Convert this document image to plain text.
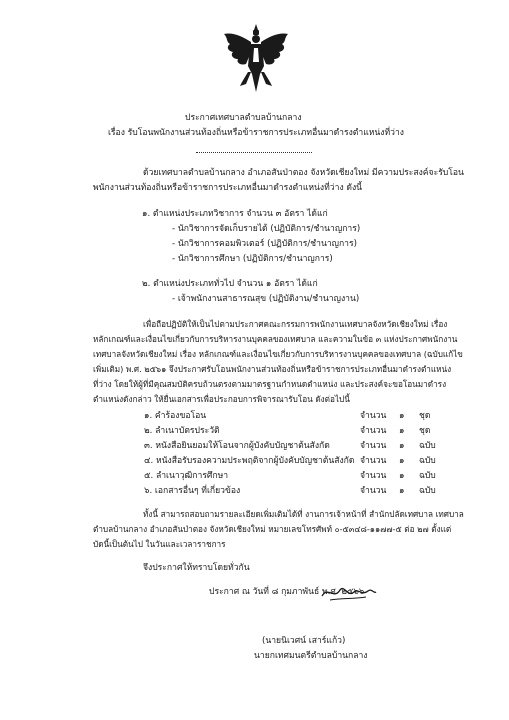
ประกาศเทศบาลตำบลบ้านกลาง
เรื่อง รับโอนพนักงานส่วนท้องถิ่นหรือข้าราชการประเภทอื่นมาดำรงตำแหน่งที่ว่าง
ด้วยเทศบาลตำบลบ้านกลาง อำเภอสันป่าตอง จังหวัดเชียงใหม่ มีความประสงค์จะรับโอน
พนักงานส่วนท้องถิ่นหรือข้าราชการประเภทอื่นมาดำรงตำแหน่งที่ว่าง ดังนี้
๑. ตำแหน่งประเภทวิชาการ จำนวน ๓ อัตรา ได้แก่
- นักวิชาการจัดเก็บรายได้ (ปฏิบัติการ/ชำนาญการ)
- นักวิชาการคอมพิวเตอร์ (ปฏิบัติการ/ชำนาญการ)
- นักวิชาการศึกษา (ปฏิบัติการ/ชำนาญการ)
๒. ตำแหน่งประเภททั่วไป จำนวน ๑ อัตรา ได้แก่
- เจ้าพนักงานสาธารณสุข (ปฏิบัติงาน/ชำนาญงาน)
เพื่อถือปฏิบัติให้เป็นไปตามประกาศคณะกรรมการพนักงานเทศบาลจังหวัดเชียงใหม่ เรื่อง
หลักเกณฑ์และเงื่อนไขเกี่ยวกับการบริหารงานบุคคลของเทศบาล และความในข้อ ๓ แห่งประกาศพนักงาน
เทศบาลจังหวัดเชียงใหม่ เรื่อง หลักเกณฑ์และเงื่อนไขเกี่ยวกับการบริหารงานบุคคลของเทศบาล (ฉบับแก้ไข
เพิ่มเติม) พ.ศ. ๒๕๖๑ จึงประกาศรับโอนพนักงานส่วนท้องถิ่นหรือข้าราชการประเภทอื่นมาดำรงตำแหน่ง
ที่ว่าง โดยให้ผู้ที่มีคุณสมบัติครบถ้วนตรงตามมาตรฐานกำหนดตำแหน่ง และประสงค์จะขอโอนมาดำรง
ตำแหน่งดังกล่าว ให้ยื่นเอกสารเพื่อประกอบการพิจารณารับโอน ดังต่อไปนี้
๑. คำร้องขอโอน	จำนวน ๑ ชุด
๒. ลำเนาบัตรประวัติ	จำนวน ๑ ชุด
๓. หนังสือยินยอมให้โอนจากผู้บังคับบัญชาต้นสังกัด	จำนวน ๑ ฉบับ
๔. หนังสือรับรองความประพฤติจากผู้บังคับบัญชาต้นสังกัด จำนวน ๑ ฉบับ
๕. ลำเนาวุฒิการศึกษา	จำนวน ๑ ฉบับ
๖. เอกสารอื่นๆ ที่เกี่ยวข้อง	จำนวน ๑ ฉบับ
ทั้งนี้ สามารถสอบถามรายละเอียดเพิ่มเติมได้ที่ งานการเจ้าหน้าที่ สำนักปลัดเทศบาล เทศบาล
ตำบลบ้านกลาง อำเภอสันป่าตอง จังหวัดเชียงใหม่ หมายเลขโทรศัพท์ ๐-๕๓๔๘-๑๑๗๗-๕ ต่อ ๒๗ ตั้งแต่
บัดนี้เป็นต้นไป ในวันและเวลาราชการ
จึงประกาศให้ทราบโดยทั่วกัน
ประกาศ ณ วันที่ ๘ กุมภาพันธ์ พ.ศ. ๒๕๖๖
(นายนิเวศน์ เสาร์แก้ว)
นายกเทศมนตรีตำบลบ้านกลาง
